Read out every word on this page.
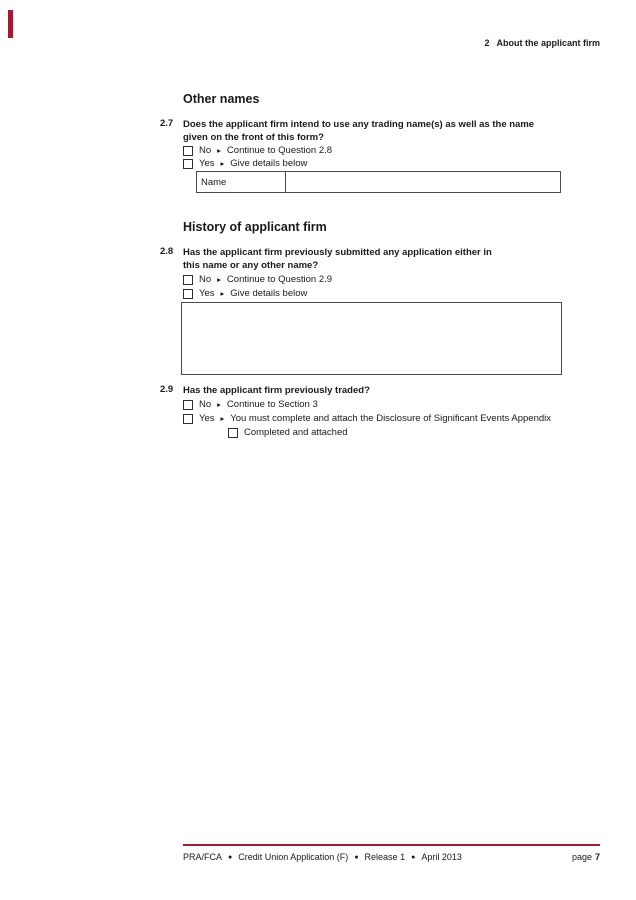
2 About the applicant firm
Other names
2.7 Does the applicant firm intend to use any trading name(s) as well as the name
given on the front of this form?
No ▸ Continue to Question 2.8
Yes ▸ Give details below
Name
History of applicant firm
2.8 Has the applicant firm previously submitted any application either in
this name or any other name?
No ▸ Continue to Question 2.9
Yes ▸ Give details below
2.9 Has the applicant firm previously traded?
No ▸ Continue to Section 3
Yes ▸ You must complete and attach the Disclosure of Significant Events Appendix
Completed and attached
PRA/FCA ● Credit Union Application (F) ● Release 1 ● April 2013	page 7
